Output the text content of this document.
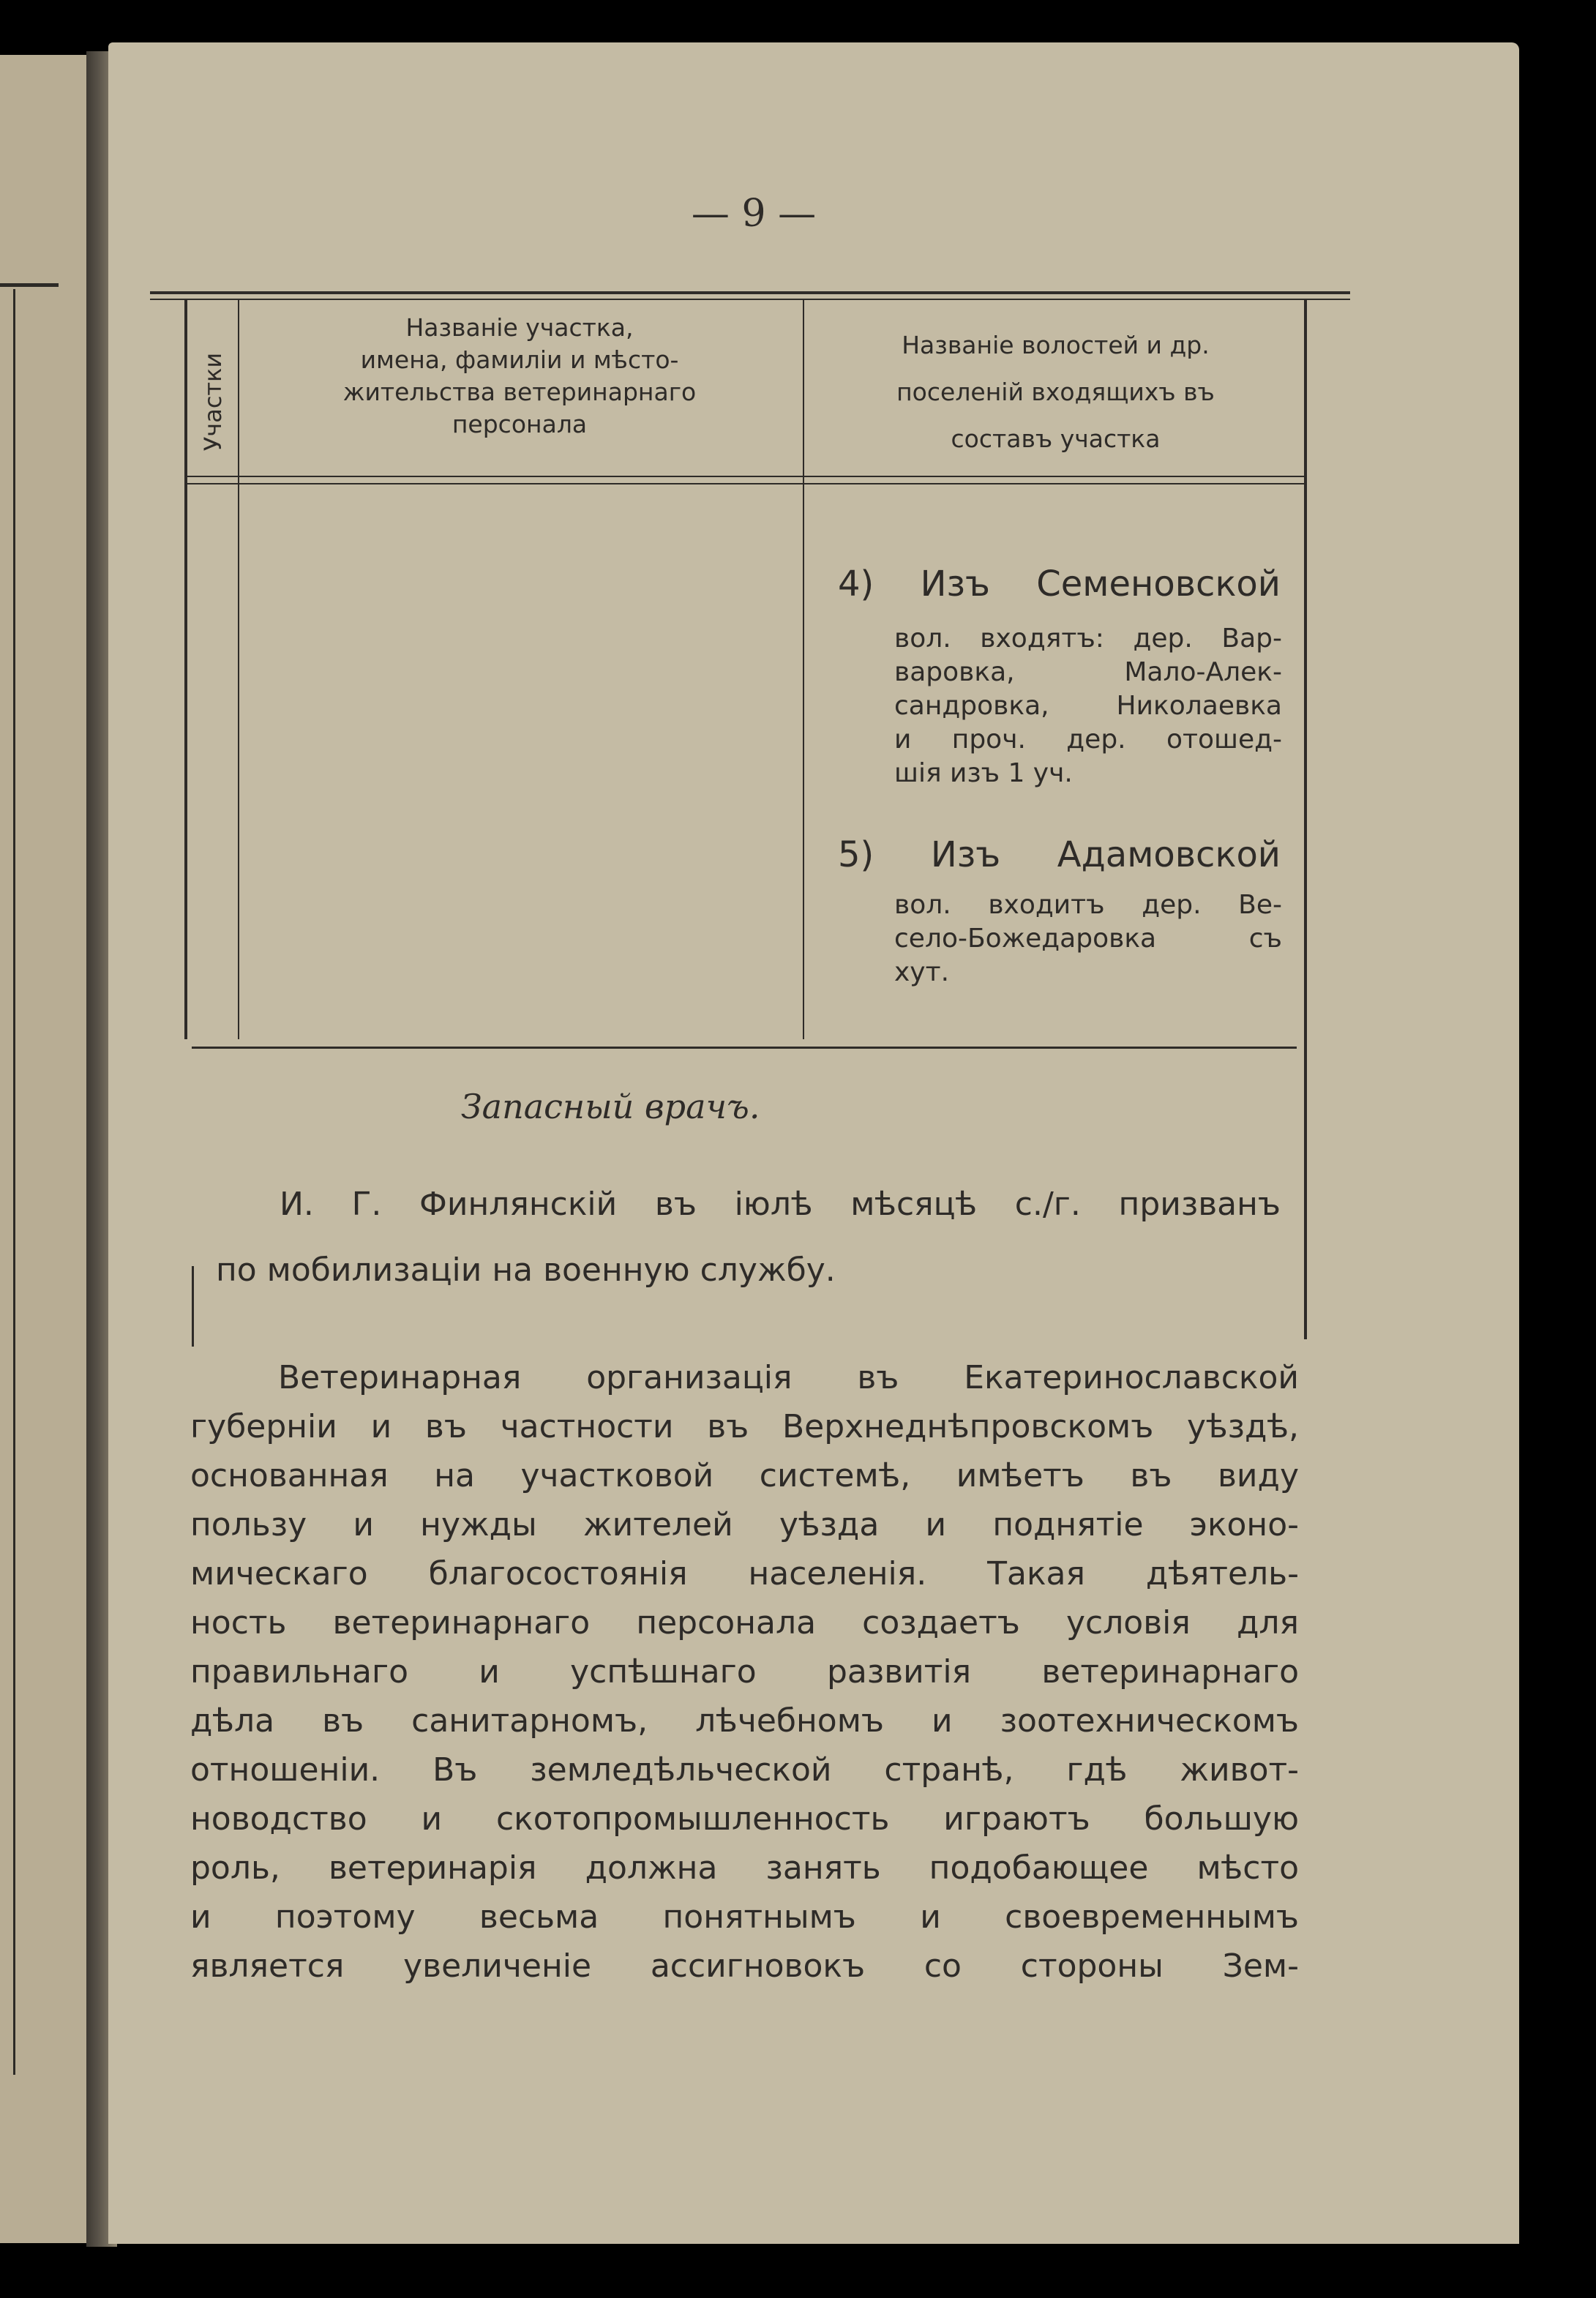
— 9 —
Участки
Названіе участка,
имена, фамиліи и мѣсто-
жительства ветеринарнаго
персонала
Названіе волостей и др.
поселеній входящихъ въ
составъ участка
4) Изъ Семеновской
вол. входятъ: дер. Вар-
варовка, Мало-Алек-
сандровка, Николаевка
и проч. дер. отошед-
шія изъ 1 уч.
5) Изъ Адамовской
вол. входитъ дер. Ве-
село-Божедаровка съ
хут.
Запасный врачъ.
И. Г. Финлянскій въ іюлѣ мѣсяцѣ с./г. призванъ
по мобилизаціи на военную службу.
Ветеринарная организація въ Екатеринославской
губерніи и въ частности въ Верхнеднѣпровскомъ уѣздѣ,
основанная на участковой системѣ, имѣетъ въ виду
пользу и нужды жителей уѣзда и поднятіе эконо-
мическаго благосостоянія населенія. Такая дѣятель-
ность ветеринарнаго персонала создаетъ условія для
правильнаго и успѣшнаго развитія ветеринарнаго
дѣла въ санитарномъ, лѣчебномъ и зоотехническомъ
отношеніи. Въ земледѣльческой странѣ, гдѣ живот-
новодство и скотопромышленность играютъ большую
роль, ветеринарія должна занять подобающее мѣсто
и поэтому весьма понятнымъ и своевременнымъ
является увеличеніе ассигновокъ со стороны Зем-
